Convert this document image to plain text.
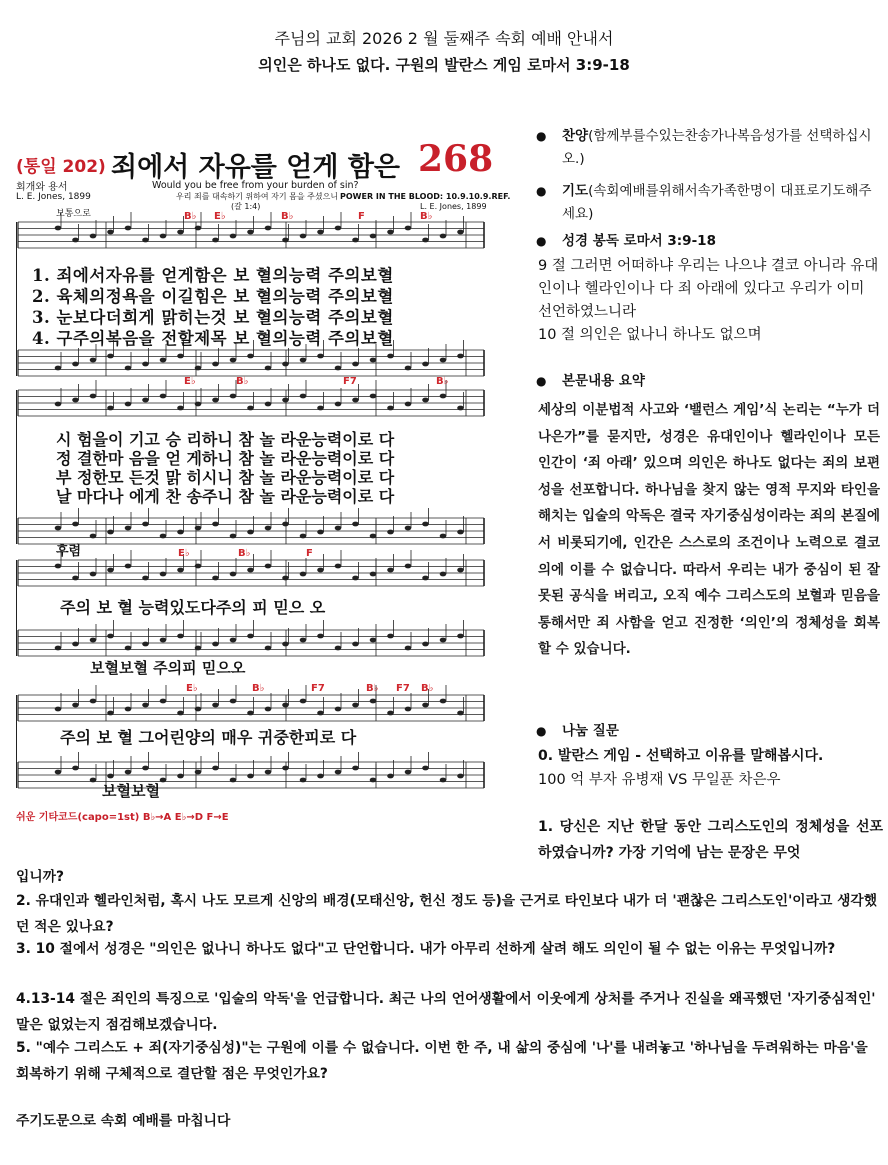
주님의 교회 2026 2 월 둘째주 속회 예배 안내서
의인은 하나도 없다. 구원의 발란스 게임 로마서 3:9-18
(통일 202) 죄에서 자유를 얻게 함은 268
회개와 용서	Would you be free from your burden of sin?
L. E. Jones, 1899	우리 죄를 대속하기 위하여 자기 몸을 주셨으니
(갈 1:4)
POWER IN THE BLOOD: 10.9.10.9.REF.
L. E. Jones, 1899
보통으로
1. 죄에서자유를 얻게함은 보 혈의능력 주의보혈
2. 육체의정욕을 이길힘은 보 혈의능력 주의보혈
3. 눈보다더희게 맑히는것 보 혈의능력 주의보혈
4. 구주의복음을 전할제목 보 혈의능력 주의보혈
시 험을이 기고 승 리하니 참 놀 라운능력이로 다
정 결한마 음을 얻 게하니 참 놀 라운능력이로 다
부 정한모 든것 맑 히시니 참 놀 라운능력이로 다
날 마다나 에게 찬 송주니 참 놀 라운능력이로 다
후렴
주의 보 혈 능력있도다주의 피 믿으 오
보혈보혈 주의피 믿으오
주의 보 혈 그어린양의 매우 귀중한피로 다
보혈보혈
쉬운 기타코드(capo=1st) B♭→A E♭→D F→E
B♭ E♭	B♭	F	B♭
E♭	B♭	F7	B♭
E♭	B♭	F
E♭	B♭	F7	B♭ F7 B♭
● 찬양(함께부를수있는찬송가나복음성가를 선택하십시오.)
● 기도(속회예배를위해서속가족한명이 대표로기도해주세요)
● 성경 봉독 로마서 3:9-18
9 절 그러면 어떠하냐 우리는 나으냐 결코 아니라 유대인이나 헬라인이나 다 죄 아래에 있다고 우리가 이미 선언하였느니라
10 절 의인은 없나니 하나도 없으며
● 본문내용 요약
세상의 이분법적 사고와 ‘밸런스 게임’식 논리는 “누가 더 나은가”를 묻지만, 성경은 유대인이나 헬라인이나 모든 인간이 ‘죄 아래’ 있으며 의인은 하나도 없다는 죄의 보편성을 선포합니다. 하나님을 찾지 않는 영적 무지와 타인을 해치는 입술의 악독은 결국 자기중심성이라는 죄의 본질에서 비롯되기에, 인간은 스스로의 조건이나 노력으로 결코 의에 이를 수 없습니다. 따라서 우리는 내가 중심이 된 잘못된 공식을 버리고, 오직 예수 그리스도의 보혈과 믿음을 통해서만 죄 사함을 얻고 진정한 ‘의인’의 정체성을 회복할 수 있습니다.
● 나눔 질문
0. 발란스 게임 - 선택하고 이유를 말해봅시다.
100 억 부자 유병재 VS 무일푼 차은우
1. 당신은 지난 한달 동안 그리스도인의 정체성을 선포하였습니까? 가장 기억에 남는 문장은 무엇
입니까?
2. 유대인과 헬라인처럼, 혹시 나도 모르게 신앙의 배경(모태신앙, 헌신 정도 등)을 근거로 타인보다 내가 더 '괜찮은 그리스도인'이라고 생각했던 적은 있나요?
3. 10 절에서 성경은 "의인은 없나니 하나도 없다"고 단언합니다. 내가 아무리 선하게 살려 해도 의인이 될 수 없는 이유는 무엇입니까?
4.13-14 절은 죄인의 특징으로 '입술의 악독'을 언급합니다. 최근 나의 언어생활에서 이웃에게 상처를 주거나 진실을 왜곡했던 '자기중심적인' 말은 없었는지 점검해보겠습니다.
5. "예수 그리스도 + 죄(자기중심성)"는 구원에 이를 수 없습니다. 이번 한 주, 내 삶의 중심에 '나'를 내려놓고 '하나님을 두려워하는 마음'을 회복하기 위해 구체적으로 결단할 점은 무엇인가요?
주기도문으로 속회 예배를 마칩니다
